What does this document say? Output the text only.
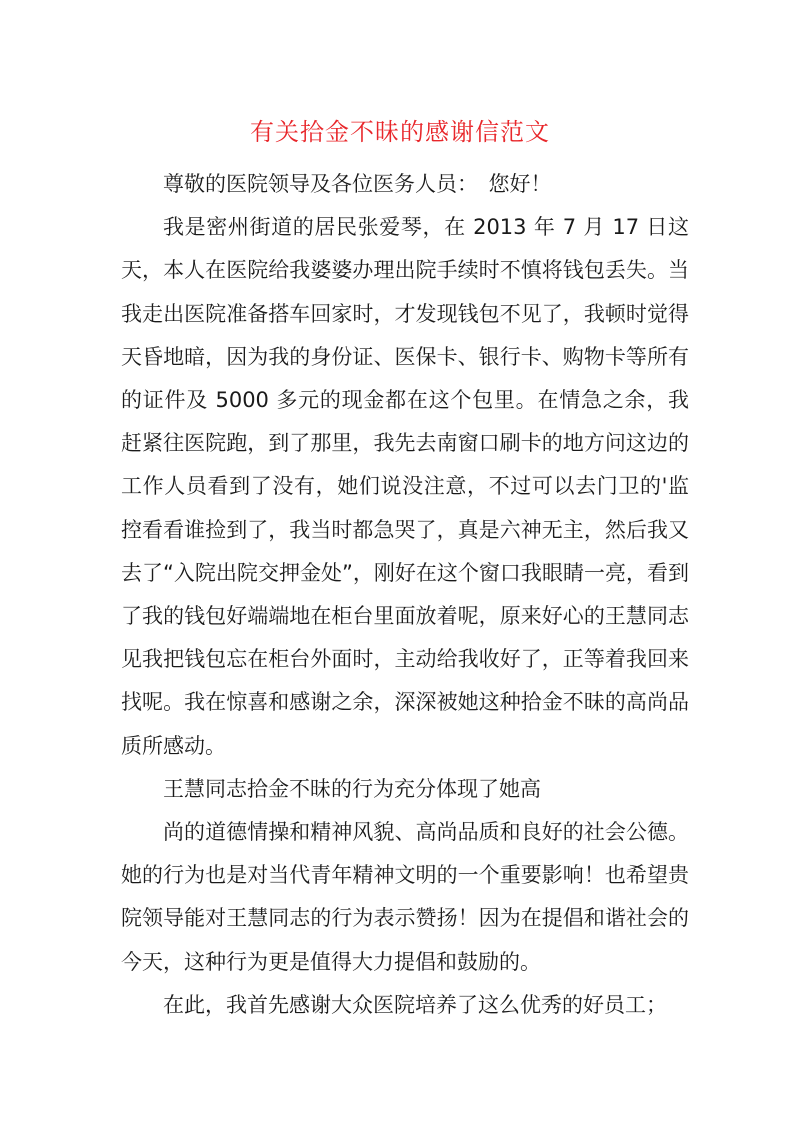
有关拾金不昧的感谢信范文

尊敬的医院领导及各位医务人员：　您好！

我是密州街道的居民张爱琴，在 2013 年 7 月 17 日这天，本人在医院给我婆婆办理出院手续时不慎将钱包丢失。当我走出医院准备搭车回家时，才发现钱包不见了，我顿时觉得天昏地暗，因为我的身份证、医保卡、银行卡、购物卡等所有的证件及 5000 多元的现金都在这个包里。在情急之余，我赶紧往医院跑，到了那里，我先去南窗口刷卡的地方问这边的工作人员看到了没有，她们说没注意，不过可以去门卫的'监控看看谁捡到了，我当时都急哭了，真是六神无主，然后我又去了“入院出院交押金处”，刚好在这个窗口我眼睛一亮，看到了我的钱包好端端地在柜台里面放着呢，原来好心的王慧同志见我把钱包忘在柜台外面时，主动给我收好了，正等着我回来找呢。我在惊喜和感谢之余，深深被她这种拾金不昧的高尚品质所感动。

王慧同志拾金不昧的行为充分体现了她高

尚的道德情操和精神风貌、高尚品质和良好的社会公德。她的行为也是对当代青年精神文明的一个重要影响！也希望贵院领导能对王慧同志的行为表示赞扬！因为在提倡和谐社会的今天，这种行为更是值得大力提倡和鼓励的。

在此，我首先感谢大众医院培养了这么优秀的好员工；
